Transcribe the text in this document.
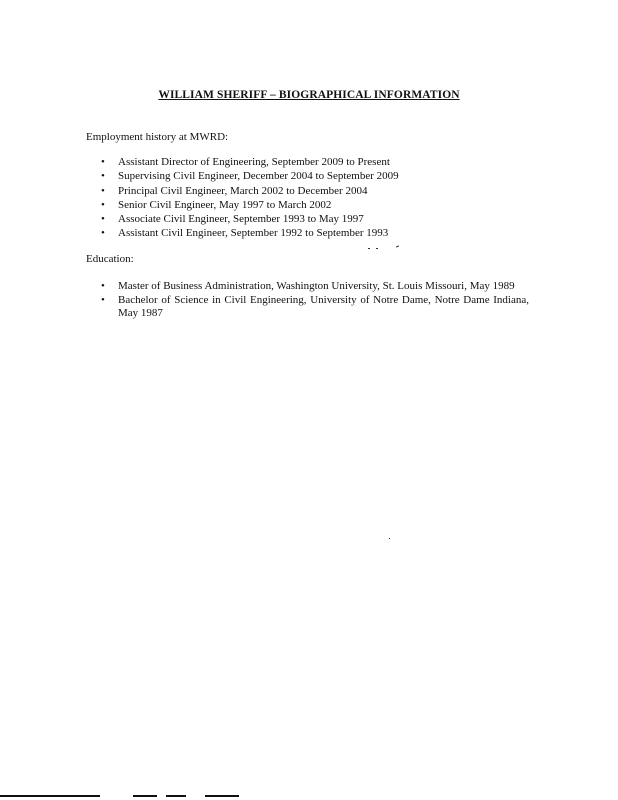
WILLIAM SHERIFF – BIOGRAPHICAL INFORMATION
Employment history at MWRD:
• Assistant Director of Engineering, September 2009 to Present
• Supervising Civil Engineer, December 2004 to September 2009
• Principal Civil Engineer, March 2002 to December 2004
• Senior Civil Engineer, May 1997 to March 2002
• Associate Civil Engineer, September 1993 to May 1997
• Assistant Civil Engineer, September 1992 to September 1993
Education:
• Master of Business Administration, Washington University, St. Louis Missouri, May 1989
• Bachelor of Science in Civil Engineering, University of Notre Dame, Notre Dame Indiana, May 1987
